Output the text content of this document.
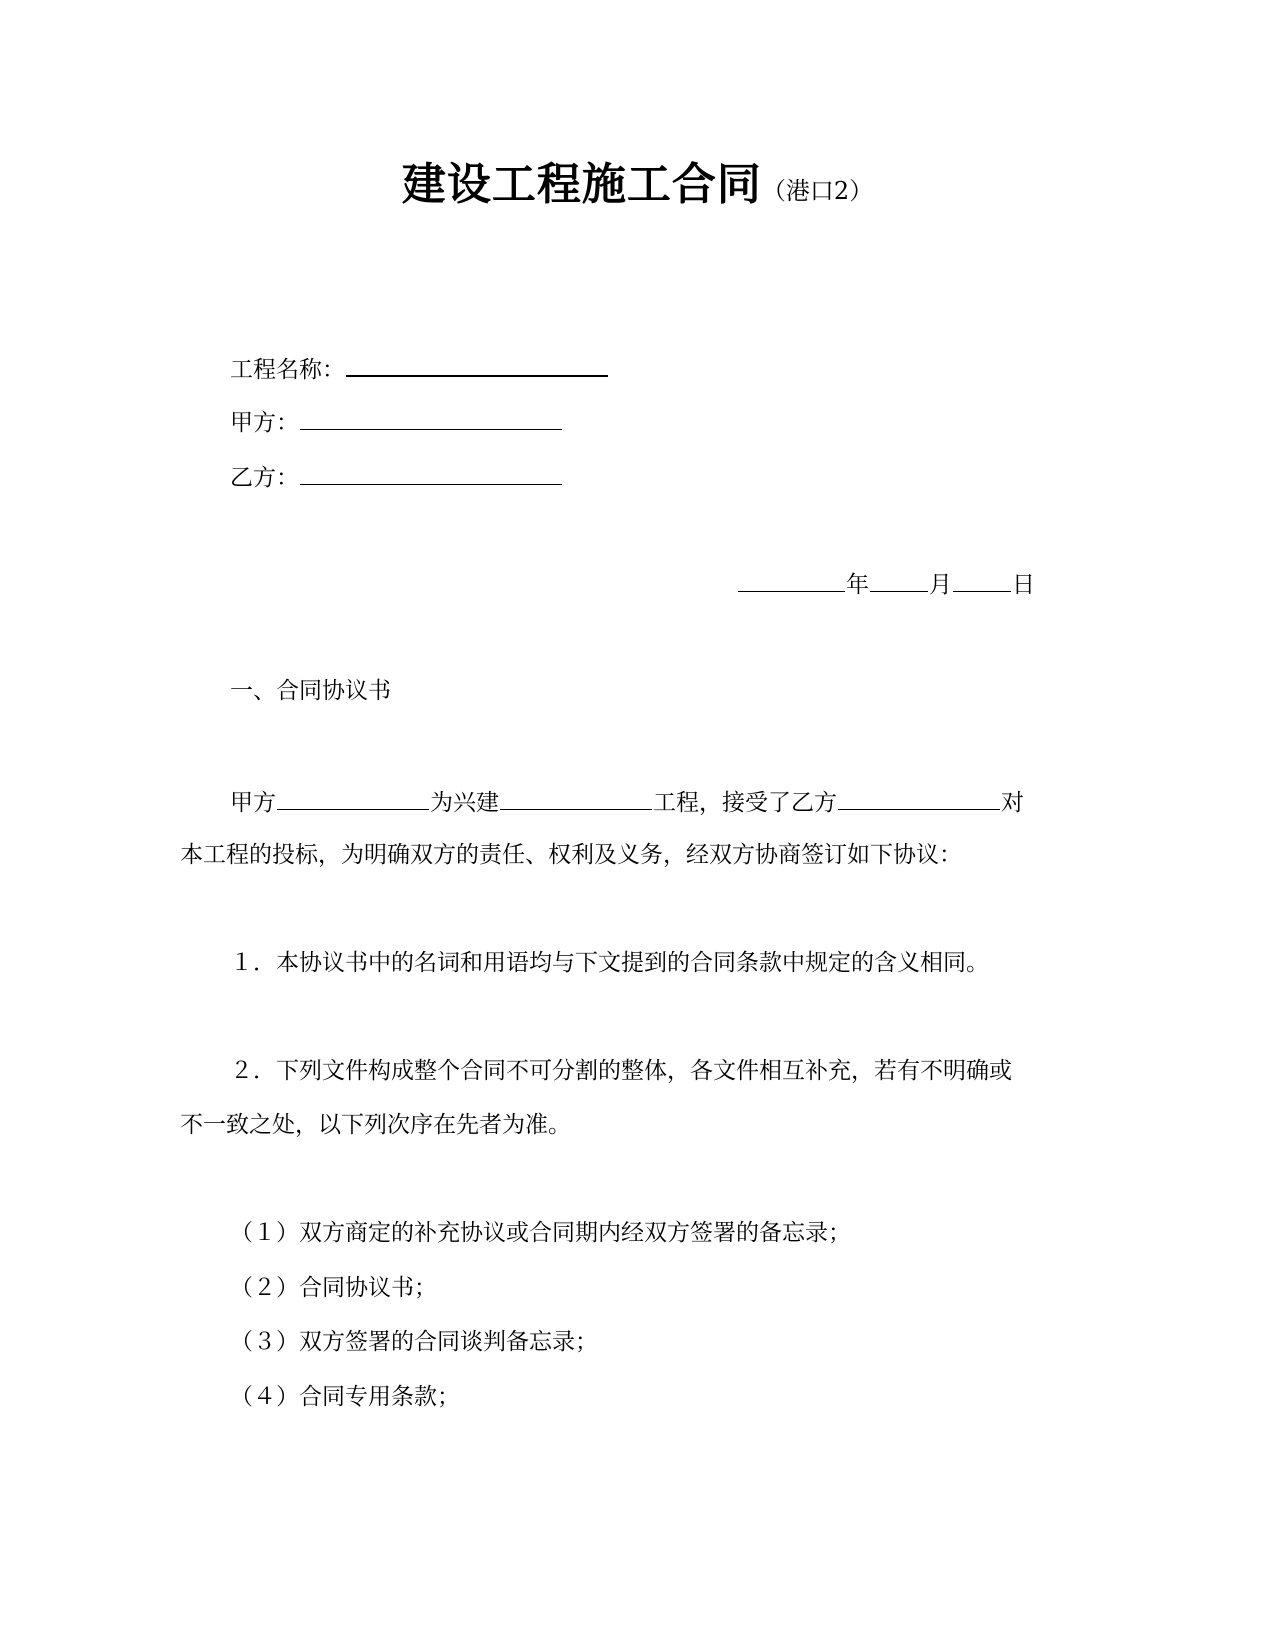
建设工程施工合同（港口2）
工程名称：
甲方：
乙方：
年	月	日
一、合同协议书
甲方	为兴建	工程，接受了乙方	对
本工程的投标，为明确双方的责任、权利及义务，经双方协商签订如下协议：
１．本协议书中的名词和用语均与下文提到的合同条款中规定的含义相同。
２．下列文件构成整个合同不可分割的整体，各文件相互补充，若有不明确或
不一致之处，以下列次序在先者为准。
（１）双方商定的补充协议或合同期内经双方签署的备忘录；
（２）合同协议书；
（３）双方签署的合同谈判备忘录；
（４）合同专用条款；
